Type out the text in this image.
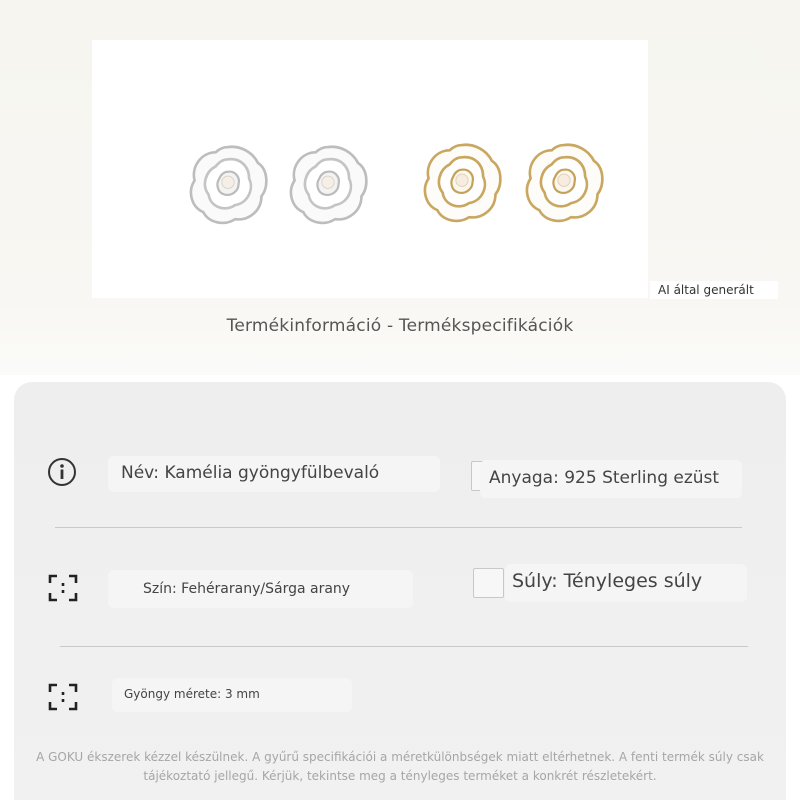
AI által generált
Termékinformáció - Termékspecifikációk
Név: Kamélia gyöngyfülbevaló	Anyaga: 925 Sterling ezüst
Szín: Fehérarany/Sárga arany	Súly: Tényleges súly
Gyöngy mérete: 3 mm
A GOKU ékszerek kézzel készülnek. A gyűrű specifikációi a méretkülönbségek miatt eltérhetnek. A fenti termék súly csak tájékoztató jellegű. Kérjük, tekintse meg a tényleges terméket a konkrét részletekért.
